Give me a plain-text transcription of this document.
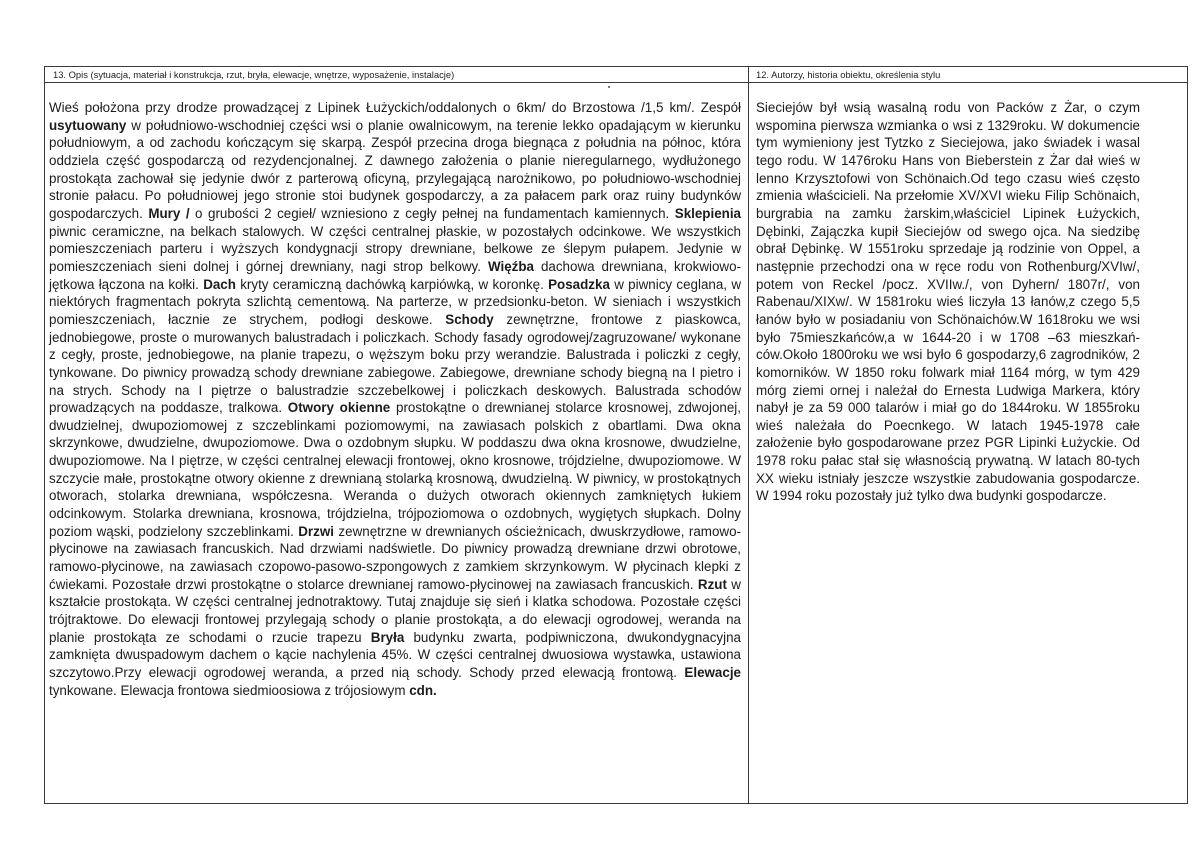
13. Opis (sytuacja, materiał i konstrukcja, rzut, bryła, elewacje, wnętrze, wyposażenie, instalacje)	12. Autorzy, historia obiektu, określenia stylu
Wieś położona przy drodze prowadzącej z Lipinek Łużyckich/oddalonych o 6km/ do Brzostowa /1,5 km/. Zespół usytuowany w południowo-wschodniej części wsi o planie owalnicowym, na terenie lekko opadającym w kierunku południowym, a od zachodu kończącym się skarpą. Zespół przecina droga biegnąca z południa na północ, która oddziela część gospodarczą od rezydencjonalnej. Z dawnego założenia o planie nieregularnego, wydłużonego prostokąta zachował się jedynie dwór z parterową oficyną, przylegającą narożnikowo, po południowo-wschodniej stronie pałacu. Po południowej jego stronie stoi budynek gospodarczy, a za pałacem park oraz ruiny budynków gospodarczych. Mury / o grubości 2 cegieł/ wzniesiono z cegły pełnej na fundamentach kamiennych. Sklepienia piwnic ceramiczne, na belkach stalowych. W części centralnej płaskie, w pozostałych odcinkowe. We wszystkich pomieszczeniach parteru i wyższych kondygnacji stropy drewniane, belkowe ze ślepym pułapem. Jedynie w pomieszczeniach sieni dolnej i górnej drewniany, nagi strop belkowy. Więźba dachowa drewniana, krokwiowo-jętkowa łączona na kołki. Dach kryty ceramiczną dachówką karpiówką, w koronkę. Posadzka w piwnicy ceglana, w niektórych fragmentach pokryta szlichtą cementową. Na parterze, w przedsionku-beton. W sieniach i wszystkich pomieszczeniach, łacznie ze strychem, podłogi deskowe. Schody zewnętrzne, frontowe z piaskowca, jednobiegowe, proste o murowanych balustradach i policzkach. Schody fasady ogrodowej/zagruzowane/ wykonane z cegły, proste, jednobiegowe, na planie trapezu, o węższym boku przy werandzie. Balustrada i policzki z cegły, tynkowane. Do piwnicy prowadzą schody drewniane zabiegowe. Zabiegowe, drewniane schody biegną na I pietro i na strych. Schody na I piętrze o balustradzie szczebelkowej i policzkach deskowych. Balustrada schodów prowadzących na poddasze, tralkowa. Otwory okienne prostokątne o drewnianej stolarce krosnowej, zdwojonej, dwudzielnej, dwupoziomowej z szczeblinkami poziomowymi, na zawiasach polskich z obartlami. Dwa okna skrzynkowe, dwudzielne, dwupoziomowe. Dwa o ozdobnym słupku. W poddaszu dwa okna krosnowe, dwudzielne, dwupoziomowe. Na I piętrze, w części centralnej elewacji frontowej, okno krosnowe, trójdzielne, dwupoziomowe. W szczycie małe, prostokątne otwory okienne z drewnianą stolarką krosnową, dwudzielną. W piwnicy, w prostokątnych otworach, stolarka drewniana, współczesna. Weranda o dużych otworach okiennych zamkniętych łukiem odcinkowym. Stolarka drewniana, krosnowa, trójdzielna, trójpoziomowa o ozdobnych, wygiętych słupkach. Dolny poziom wąski, podzielony szczeblinkami. Drzwi zewnętrzne w drewnianych ościeżnicach, dwuskrzydłowe, ramowo-płycinowe na zawiasach francuskich. Nad drzwiami nadświetle. Do piwnicy prowadzą drewniane drzwi obrotowe, ramowo-płycinowe, na zawiasach czopowo-pasowo-szpongowych z zamkiem skrzynkowym. W płycinach klepki z ćwiekami. Pozostałe drzwi prostokątne o stolarce drewnianej ramowo-płycinowej na zawiasach francuskich. Rzut w kształcie prostokąta. W części centralnej jednotraktowy. Tutaj znajduje się sień i klatka schodowa. Pozostałe części trójtraktowe. Do elewacji frontowej przylegają schody o planie prostokąta, a do elewacji ogrodowej, weranda na planie prostokąta ze schodami o rzucie trapezu Bryła budynku zwarta, podpiwniczona, dwukondygnacyjna zamknięta dwuspadowym dachem o kącie nachylenia 45%. W części centralnej dwuosiowa wystawka, ustawiona szczytowo.Przy elewacji ogrodowej weranda, a przed nią schody. Schody przed elewacją frontową. Elewacje tynkowane. Elewacja frontowa siedmioosiowa z trójosiowym cdn.
Sieciejów był wsią wasalną rodu von Packów z Żar, o czym wspomina pierwsza wzmianka o wsi z 1329roku. W dokumencie tym wymieniony jest Tytzko z Sieciejowa, jako świadek i wasal tego rodu. W 1476roku Hans von Bieberstein z Żar dał wieś w lenno Krzysztofowi von Schönaich.Od tego czasu wieś często zmienia właścicieli. Na przełomie XV/XVI wieku Filip Schönaich, burgrabia na zamku żarskim,właściciel Lipinek Łużyckich, Dębinki, Zajączka kupił Sieciejów od swego ojca. Na siedzibę obrał Dębinkę. W 1551roku sprzedaje ją rodzinie von Oppel, a następnie przechodzi ona w ręce rodu von Rothenburg/XVIw/, potem von Reckel /pocz. XVIIw./, von Dyhern/ 1807r/, von Rabenau/XIXw/. W 1581roku wieś liczyła 13 łanów,z czego 5,5 łanów było w posiadaniu von Schönaichów.W 1618roku we wsi było 75mieszkańców,a w 1644-20 i w 1708 –63 mieszkań- ców.Około 1800roku we wsi było 6 gospodarzy,6 zagrodników, 2 komorników. W 1850 roku folwark miał 1164 mórg, w tym 429 mórg ziemi ornej i należał do Ernesta Ludwiga Markera, który nabył je za 59 000 talarów i miał go do 1844roku. W 1855roku wieś należała do Poecnkego. W latach 1945-1978 całe założenie było gospodarowane przez PGR Lipinki Łużyckie. Od 1978 roku pałac stał się własnością prywatną. W latach 80-tych XX wieku istniały jeszcze wszystkie zabudowania gospodarcze. W 1994 roku pozostały już tylko dwa budynki gospodarcze.
